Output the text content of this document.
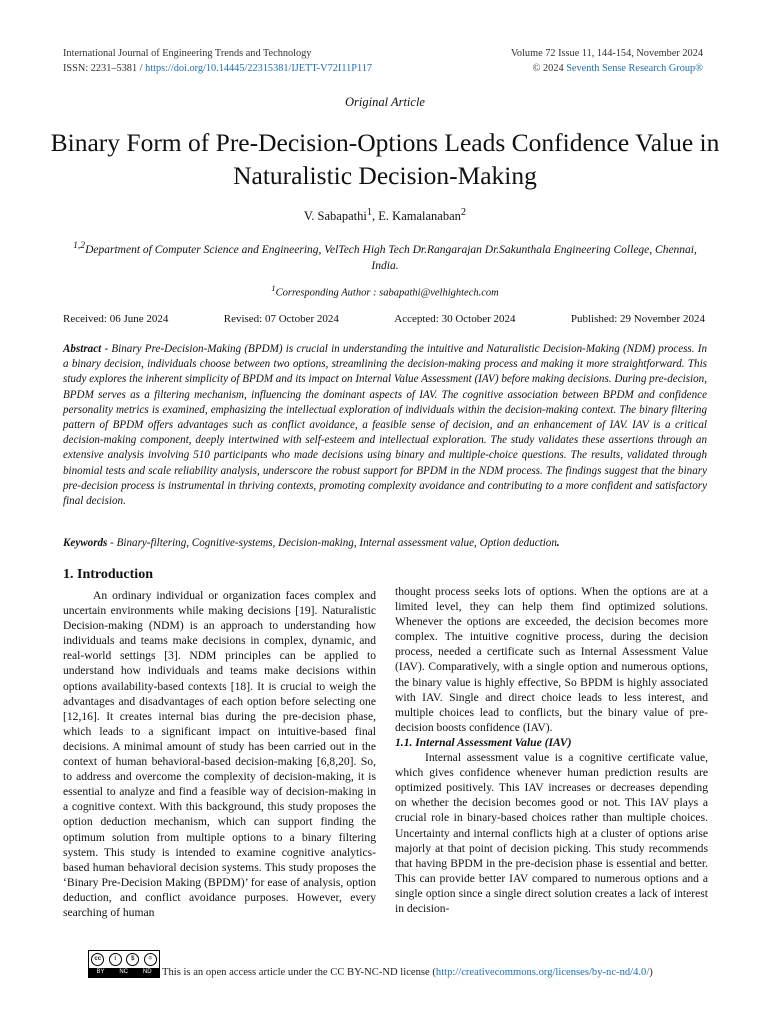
International Journal of Engineering Trends and Technology
ISSN: 2231–5381 / https://doi.org/10.14445/22315381/IJETT-V72I11P117
Volume 72 Issue 11, 144-154, November 2024
© 2024 Seventh Sense Research Group®
Original Article
Binary Form of Pre-Decision-Options Leads Confidence Value in Naturalistic Decision-Making
V. Sabapathi$^1$, E. Kamalanaban$^2$
$^{1,2}$Department of Computer Science and Engineering, VelTech High Tech Dr.Rangarajan Dr.Sakunthala Engineering College, Chennai, India.
$^1$Corresponding Author : sabapathi@velhightech.com
Received: 06 June 2024	Revised: 07 October 2024	Accepted: 30 October 2024	Published: 29 November 2024

Abstract - Binary Pre-Decision-Making (BPDM) is crucial in understanding the intuitive and Naturalistic Decision-Making (NDM) process. In a binary decision, individuals choose between two options, streamlining the decision-making process and making it more straightforward. This study explores the inherent simplicity of BPDM and its impact on Internal Value Assessment (IAV) before making decisions. During pre-decision, BPDM serves as a filtering mechanism, influencing the dominant aspects of IAV. The cognitive association between BPDM and confidence personality metrics is examined, emphasizing the intellectual exploration of individuals within the decision-making context. The binary filtering pattern of BPDM offers advantages such as conflict avoidance, a feasible sense of decision, and an enhancement of IAV. IAV is a critical decision-making component, deeply intertwined with self-esteem and intellectual exploration. The study validates these assertions through an extensive analysis involving 510 participants who made decisions using binary and multiple-choice questions. The results, validated through binomial tests and scale reliability analysis, underscore the robust support for BPDM in the NDM process. The findings suggest that the binary pre-decision process is instrumental in thriving contexts, promoting complexity avoidance and contributing to a more confident and satisfactory final decision.

Keywords - Binary-filtering, Cognitive-systems, Decision-making, Internal assessment value, Option deduction.

1. Introduction

An ordinary individual or organization faces complex and uncertain environments while making decisions [19]. Naturalistic Decision-making (NDM) is an approach to understanding how individuals and teams make decisions in complex, dynamic, and real-world settings [3]. NDM principles can be applied to understand how individuals and teams make decisions within options availability-based contexts [18]. It is crucial to weigh the advantages and disadvantages of each option before selecting one [12,16]. It creates internal bias during the pre-decision phase, which leads to a significant impact on intuitive-based final decisions. A minimal amount of study has been carried out in the context of human behavioral-based decision-making [6,8,20]. So, to address and overcome the complexity of decision-making, it is essential to analyze and find a feasible way of decision-making in a cognitive context. With this background, this study proposes the option deduction mechanism, which can support finding the optimum solution from multiple options to a binary filtering system. This study is intended to examine cognitive analytics-based human behavioral decision systems. This study proposes the ‘Binary Pre-Decision Making (BPDM)’ for ease of analysis, option deduction, and conflict avoidance purposes. However, every searching of human

thought process seeks lots of options. When the options are at a limited level, they can help them find optimized solutions. Whenever the options are exceeded, the decision becomes more complex. The intuitive cognitive process, during the decision process, needed a certificate such as Internal Assessment Value (IAV). Comparatively, with a single option and numerous options, the binary value is highly effective, So BPDM is highly associated with IAV. Single and direct choice leads to less interest, and multiple choices lead to conflicts, but the binary value of pre-decision boosts confidence (IAV).

1.1. Internal Assessment Value (IAV)

Internal assessment value is a cognitive certificate value, which gives confidence whenever human prediction results are optimized positively. This IAV increases or decreases depending on whether the decision becomes good or not. This IAV plays a crucial role in binary-based choices rather than multiple choices. Uncertainty and internal conflicts high at a cluster of options arise majorly at that point of decision picking. This study recommends that having BPDM in the pre-decision phase is essential and better. This can provide better IAV compared to numerous options and a single option since a single direct solution creates a lack of interest in decision-

cc	i	$	=
BY NC ND This is an open access article under the CC BY-NC-ND license (http://creativecommons.org/licenses/by-nc-nd/4.0/)
